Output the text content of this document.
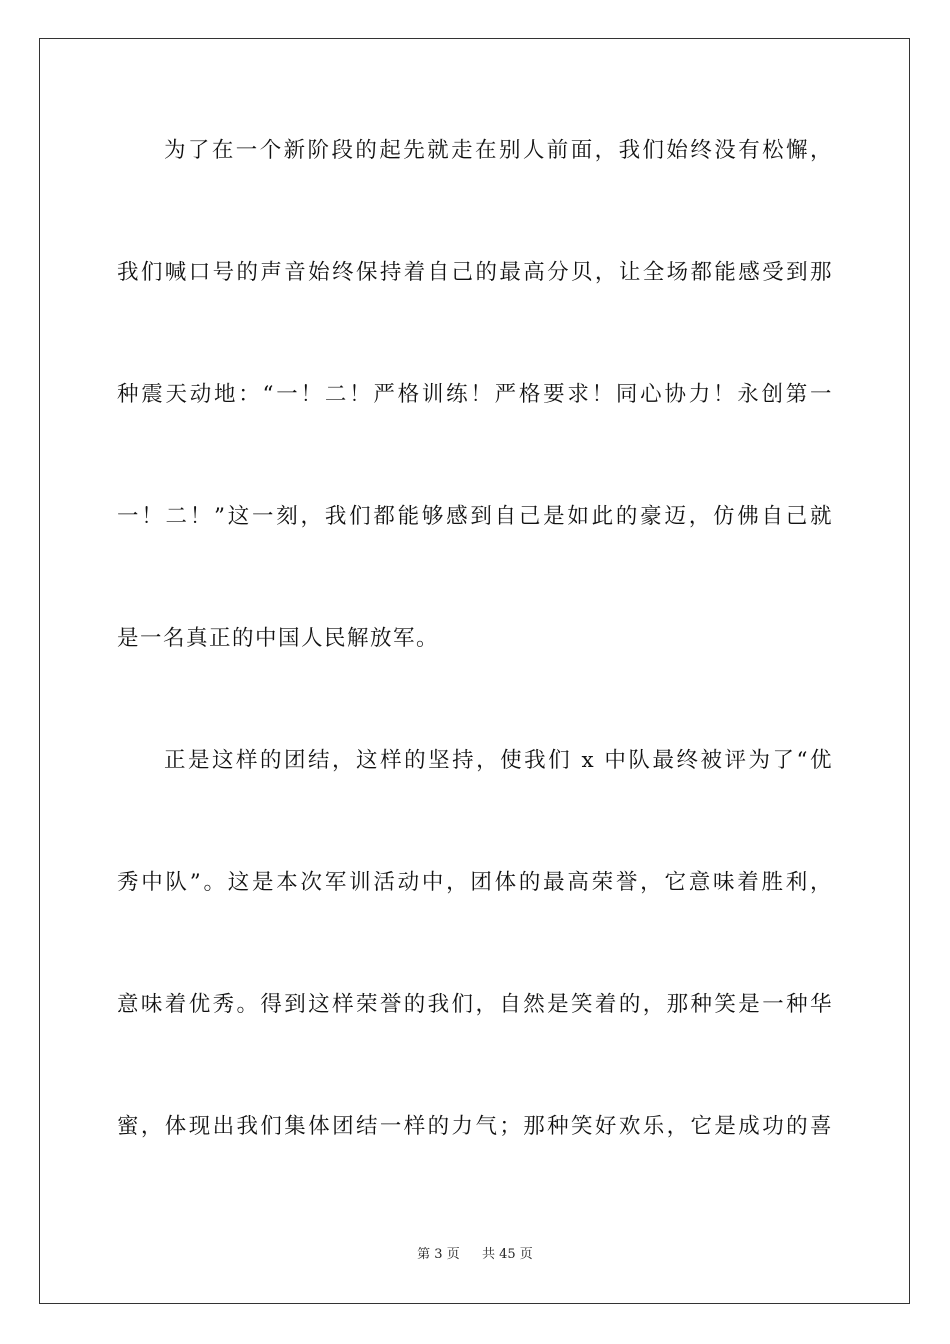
为了在一个新阶段的起先就走在别人前面，我们始终没有松懈，
我们喊口号的声音始终保持着自己的最高分贝，让全场都能感受到那
种震天动地：“一！二！严格训练！严格要求！同心协力！永创第一
一！二！”这一刻，我们都能够感到自己是如此的豪迈，仿佛自己就
是一名真正的中国人民解放军。
正是这样的团结，这样的坚持，使我们 x 中队最终被评为了“优
秀中队”。这是本次军训活动中，团体的最高荣誉，它意味着胜利，
意味着优秀。得到这样荣誉的我们，自然是笑着的，那种笑是一种华
蜜，体现出我们集体团结一样的力气；那种笑好欢乐，它是成功的喜
第 3 页 共 45 页
